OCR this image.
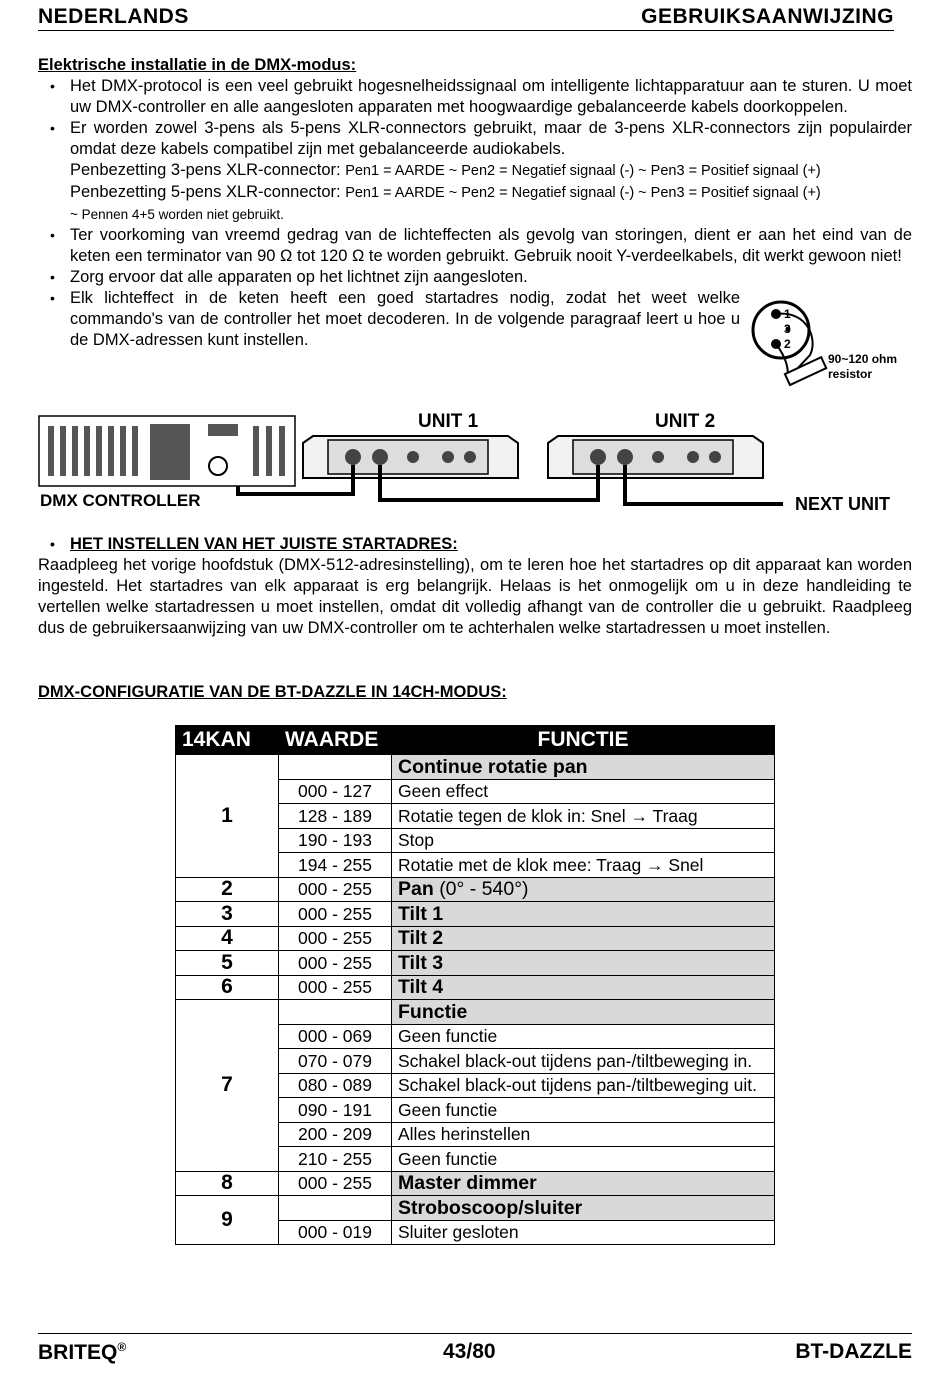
NEDERLANDS	GEBRUIKSAANWIJZING

Elektrische installatie in de DMX-modus:

• Het DMX-protocol is een veel gebruikt hogesnelheidssignaal om intelligente lichtapparatuur aan te sturen. U moet uw DMX-controller en alle aangesloten apparaten met hoogwaardige gebalanceerde kabels doorkoppelen.
• Er worden zowel 3-pens als 5-pens XLR-connectors gebruikt, maar de 3-pens XLR-connectors zijn populairder omdat deze kabels compatibel zijn met gebalanceerde audiokabels.
Penbezetting 3-pens XLR-connector: Pen1 = AARDE ~ Pen2 = Negatief signaal (-) ~ Pen3 = Positief signaal (+)
Penbezetting 5-pens XLR-connector: Pen1 = AARDE ~ Pen2 = Negatief signaal (-) ~ Pen3 = Positief signaal (+)
~ Pennen 4+5 worden niet gebruikt.
• Ter voorkoming van vreemd gedrag van de lichteffecten als gevolg van storingen, dient er aan het eind van de keten een terminator van 90 Ω tot 120 Ω te worden gebruikt. Gebruik nooit Y-verdeelkabels, dit werkt gewoon niet!
• Zorg ervoor dat alle apparaten op het lichtnet zijn aangesloten.
• Elk lichteffect in de keten heeft een goed startadres nodig, zodat het weet welke commando's van de controller het moet decoderen. In de volgende paragraaf leert u hoe u de DMX-adressen kunt instellen.
1
3
2
90~120 ohm
resistor
DMX CONTROLLER
UNIT 1	UNIT 2
NEXT UNIT
• HET INSTELLEN VAN HET JUISTE STARTADRES:

Raadpleeg het vorige hoofdstuk (DMX-512-adresinstelling), om te leren hoe het startadres op dit apparaat kan worden ingesteld. Het startadres van elk apparaat is erg belangrijk. Helaas is het onmogelijk om u in deze handleiding te vertellen welke startadressen u moet instellen, omdat dit volledig afhangt van de controller die u gebruikt. Raadpleeg dus de gebruikersaanwijzing van uw DMX-controller om te achterhalen welke startadressen u moet instellen.

DMX-CONFIGURATIE VAN DE BT-DAZZLE IN 14CH-MODUS:
14KAN	WAARDE	FUNCTIE
1		Continue rotatie pan
	000 - 127	Geen effect
	128 - 189	Rotatie tegen de klok in: Snel → Traag
	190 - 193	Stop
	194 - 255	Rotatie met de klok mee: Traag → Snel
2	000 - 255	Pan (0° - 540°)
3	000 - 255	Tilt 1
4	000 - 255	Tilt 2
5	000 - 255	Tilt 3
6	000 - 255	Tilt 4
7		Functie
	000 - 069	Geen functie
	070 - 079	Schakel black-out tijdens pan-/tiltbeweging in.
	080 - 089	Schakel black-out tijdens pan-/tiltbeweging uit.
	090 - 191	Geen functie
	200 - 209	Alles herinstellen
	210 - 255	Geen functie
8	000 - 255	Master dimmer
9		Stroboscoop/sluiter
	000 - 019	Sluiter gesloten
BRITEQ®	43/80	BT-DAZZLE
